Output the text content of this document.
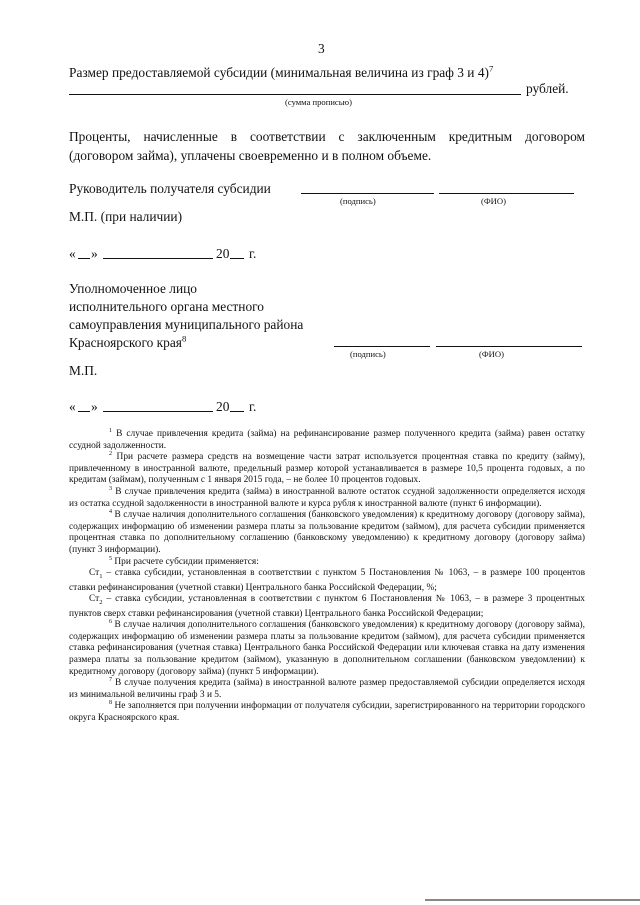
3
Размер предоставляемой субсидии (минимальная величина из граф 3 и 4)$^7$
рублей.
(сумма прописью)
Проценты, начисленные в соответствии с заключенным кредитным договором (договором займа), уплачены своевременно и в полном объеме.
Руководитель получателя субсидии
(подпись)	(ФИО)
М.П. (при наличии)
« »	20 г.
Уполномоченное лицо
исполнительного органа местного
самоуправления муниципального района
Красноярского края$^8$
(подпись)	(ФИО)
М.П.
« »	20 г.

$^1$ В случае привлечения кредита (займа) на рефинансирование размер полученного кредита (займа) равен остатку ссудной задолженности.

$^2$ При расчете размера средств на возмещение части затрат используется процентная ставка по кредиту (займу), привлеченному в иностранной валюте, предельный размер которой устанавливается в размере 10,5 процента годовых, а по кредитам (займам), полученным с 1 января 2015 года, – не более 10 процентов годовых.

$^3$ В случае привлечения кредита (займа) в иностранной валюте остаток ссудной задолженности определяется исходя из остатка ссудной задолженности в иностранной валюте и курса рубля к иностранной валюте (пункт 6 информации).

$^4$ В случае наличия дополнительного соглашения (банковского уведомления) к кредитному договору (договору займа), содержащих информацию об изменении размера платы за пользование кредитом (займом), для расчета субсидии применяется процентная ставка по дополнительному соглашению (банковскому уведомлению) к кредитному договору (договору займа) (пункт 3 информации).

$^5$ При расчете субсидии применяется:

$Ст_1$ – ставка субсидии, установленная в соответствии с пунктом 5 Постановления № 1063, – в размере 100 процентов ставки рефинансирования (учетной ставки) Центрального банка Российской Федерации, %;

$Ст_2$ – ставка субсидии, установленная в соответствии с пунктом 6 Постановления № 1063, – в размере 3 процентных пунктов сверх ставки рефинансирования (учетной ставки) Центрального банка Российской Федерации;

$^6$ В случае наличия дополнительного соглашения (банковского уведомления) к кредитному договору (договору займа), содержащих информацию об изменении размера платы за пользование кредитом (займом), для расчета субсидии применяется ставка рефинансирования (учетная ставка) Центрального банка Российской Федерации или ключевая ставка на дату изменения размера платы за пользование кредитом (займом), указанную в дополнительном соглашении (банковском уведомлении) к кредитному договору (договору займа) (пункт 5 информации).

$^7$ В случае получения кредита (займа) в иностранной валюте размер предоставляемой субсидии определяется исходя из минимальной величины граф 3 и 5.

$^8$ Не заполняется при получении информации от получателя субсидии, зарегистрированного на территории городского округа Красноярского края.
